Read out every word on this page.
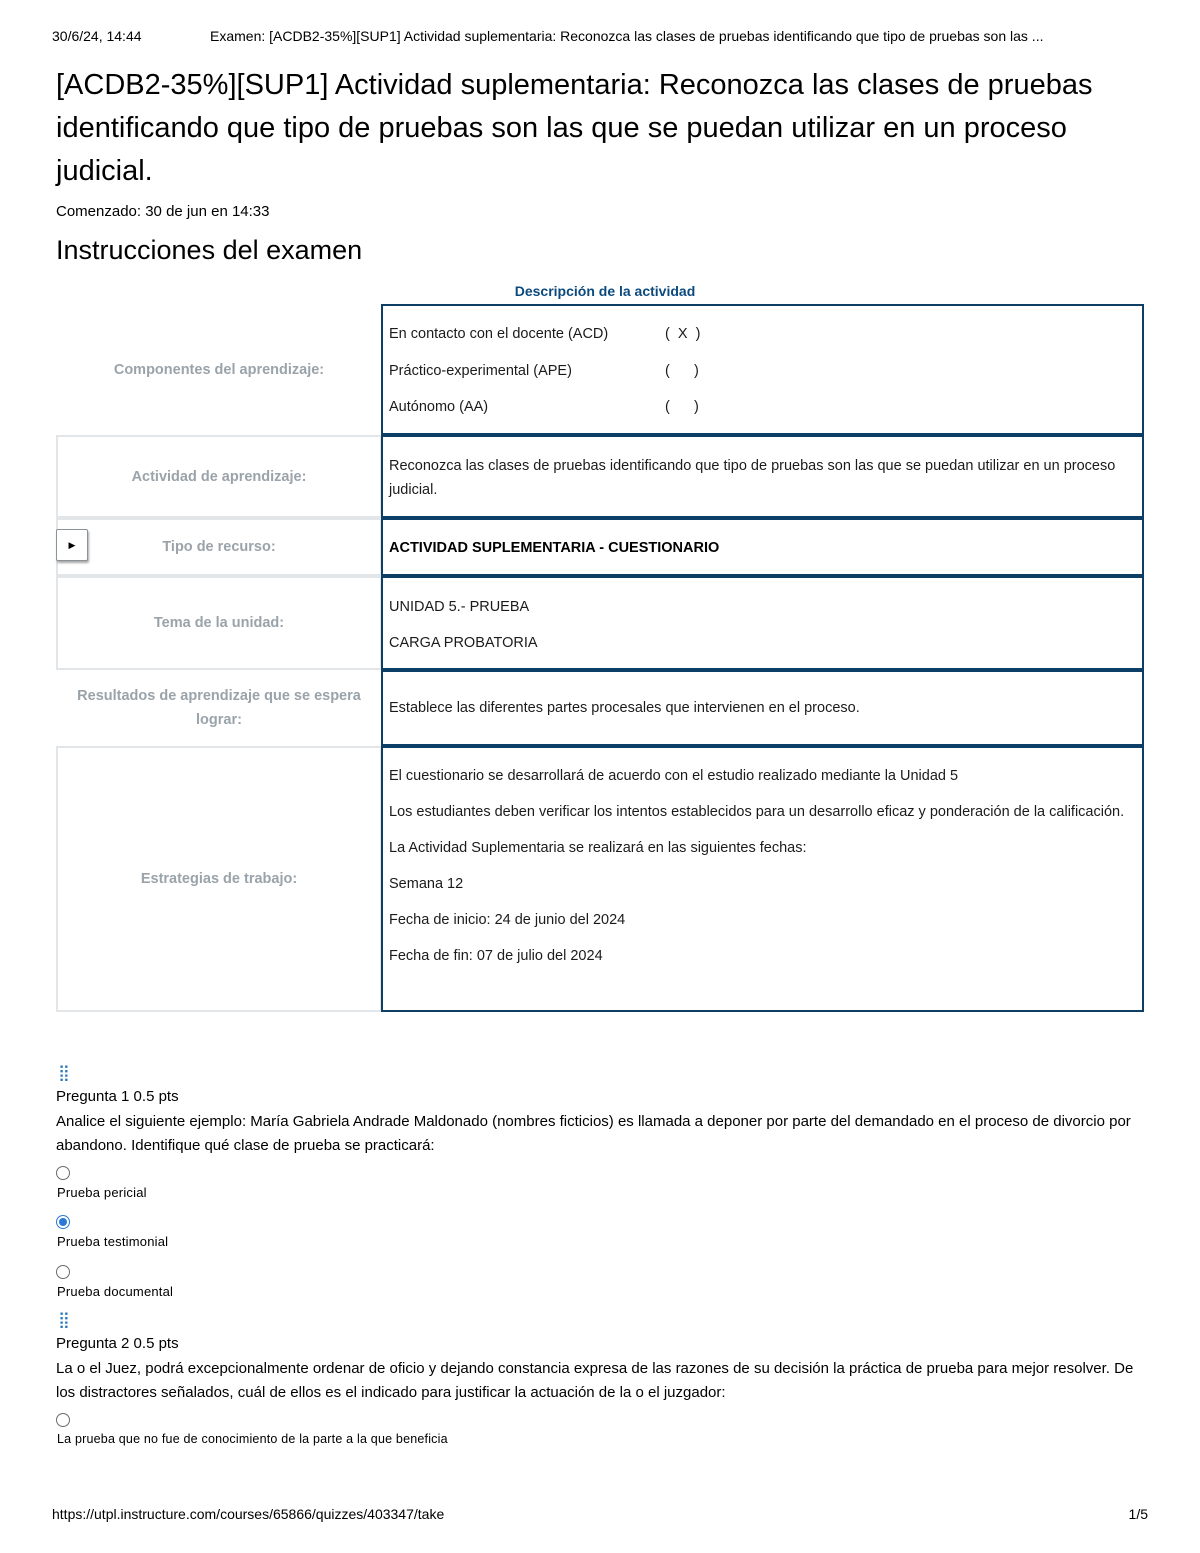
30/6/24, 14:44	Examen: [ACDB2-35%][SUP1] Actividad suplementaria: Reconozca las clases de pruebas identificando que tipo de pruebas son las ...
[ACDB2-35%][SUP1] Actividad suplementaria: Reconozca las clases de pruebas identificando que tipo de pruebas son las que se puedan utilizar en un proceso judicial.
Comenzado: 30 de jun en 14:33
Instrucciones del examen
Descripción de la actividad
Componentes del aprendizaje:
En contacto con el docente (ACD)	(  X  )
Práctico-experimental (APE)	(      )
Autónomo (AA)	(      )
Actividad de aprendizaje:
Reconozca las clases de pruebas identificando que tipo de pruebas son las que se puedan utilizar en un proceso judicial.
Tipo de recurso:
▶	ACTIVIDAD SUPLEMENTARIA - CUESTIONARIO
Tema de la unidad:

UNIDAD 5.- PRUEBA

CARGA PROBATORIA

Resultados de aprendizaje que se espera lograr:
Establece las diferentes partes procesales que intervienen en el proceso.
Estrategias de trabajo:

El cuestionario se desarrollará de acuerdo con el estudio realizado mediante la Unidad 5

Los estudiantes deben verificar los intentos establecidos para un desarrollo eficaz y ponderación de la calificación.

La Actividad Suplementaria se realizará en las siguientes fechas:

Semana 12

Fecha de inicio: 24 de junio del 2024

Fecha de fin: 07 de julio del 2024

⣿
Pregunta 1 0.5 pts
Analice el siguiente ejemplo: María Gabriela Andrade Maldonado (nombres ficticios) es llamada a deponer por parte del demandado en el proceso de divorcio por abandono. Identifique qué clase de prueba se practicará:
Prueba pericial
Prueba testimonial
Prueba documental
⣿
Pregunta 2 0.5 pts
La o el Juez, podrá excepcionalmente ordenar de oficio y dejando constancia expresa de las razones de su decisión la práctica de prueba para mejor resolver. De los distractores señalados, cuál de ellos es el indicado para justificar la actuación de la o el juzgador:
La prueba que no fue de conocimiento de la parte a la que beneficia
https://utpl.instructure.com/courses/65866/quizzes/403347/take	1/5
